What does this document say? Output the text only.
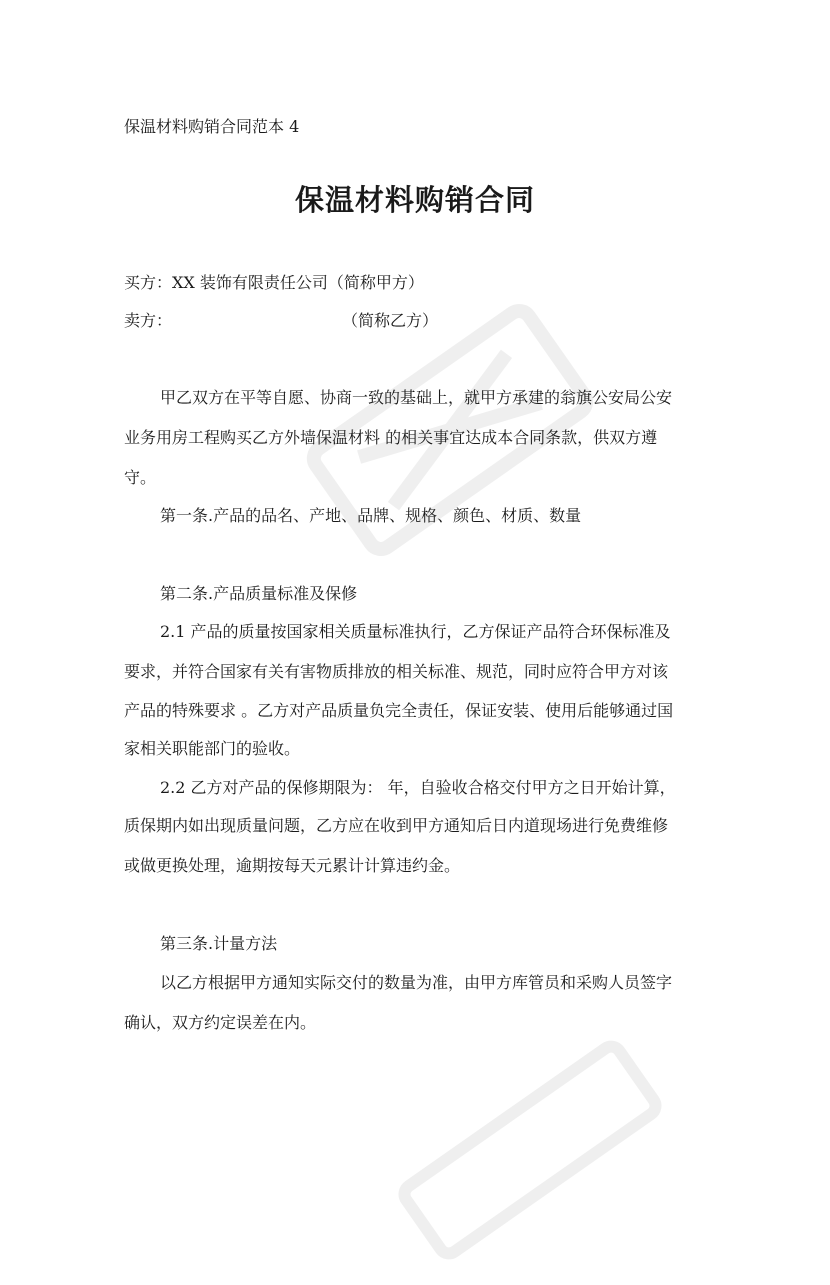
保温材料购销合同范本 4
保温材料购销合同
买方：XX 装饰有限责任公司（简称甲方）
卖方：	（简称乙方）
甲乙双方在平等自愿、协商一致的基础上，就甲方承建的翁旗公安局公安
业务用房工程购买乙方外墙保温材料 的相关事宜达成本合同条款，供双方遵
守。
第一条.产品的品名、产地、品牌、规格、颜色、材质、数量
第二条.产品质量标准及保修
2.1 产品的质量按国家相关质量标准执行，乙方保证产品符合环保标准及
要求，并符合国家有关有害物质排放的相关标准、规范，同时应符合甲方对该
产品的特殊要求 。乙方对产品质量负完全责任，保证安装、使用后能够通过国
家相关职能部门的验收。
2.2 乙方对产品的保修期限为： 年，自验收合格交付甲方之日开始计算，
质保期内如出现质量问题，乙方应在收到甲方通知后日内道现场进行免费维修
或做更换处理，逾期按每天元累计计算违约金。
第三条.计量方法
以乙方根据甲方通知实际交付的数量为准，由甲方库管员和采购人员签字
确认，双方约定误差在内。
